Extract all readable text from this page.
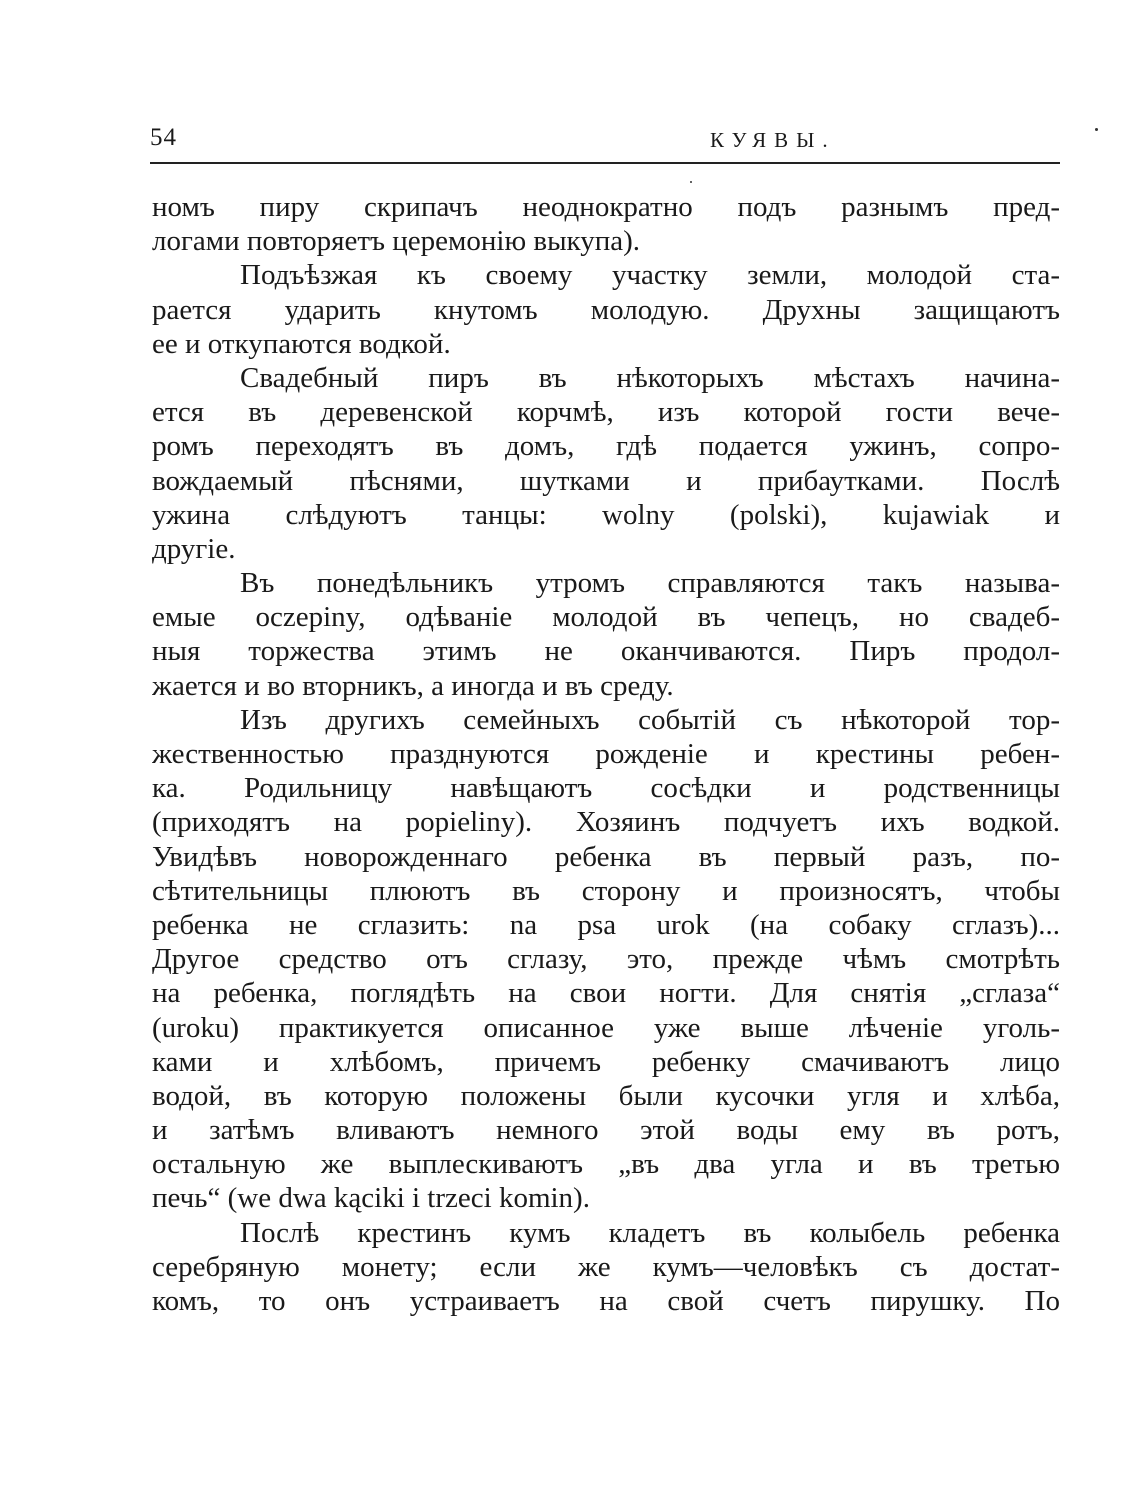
54	КУЯВЫ.
номъ пиру скрипачъ неоднократно подъ разнымъ пред-
логами повторяетъ церемонію выкупа).
Подъѣзжая къ своему участку земли, молодой ста-
рается ударить кнутомъ молодую. Друхны защищаютъ
ее и откупаются водкой.
Свадебный пиръ въ нѣкоторыхъ мѣстахъ начина-
ется въ деревенской корчмѣ, изъ которой гости вече-
ромъ переходятъ въ домъ, гдѣ подается ужинъ, сопро-
вождаемый пѣснями, шутками и прибаутками. Послѣ
ужина слѣдуютъ танцы: wolny (polski), kujawiak и
другіе.
Въ понедѣльникъ утромъ справляются такъ называ-
емые oczepiny, одѣваніе молодой въ чепецъ, но свадеб-
ныя торжества этимъ не оканчиваются. Пиръ продол-
жается и во вторникъ, а иногда и въ среду.
Изъ другихъ семейныхъ событій съ нѣкоторой тор-
жественностью празднуются рожденіе и крестины ребен-
ка. Родильницу навѣщаютъ сосѣдки и родственницы
(приходятъ на popieliny). Хозяинъ подчуетъ ихъ водкой.
Увидѣвъ новорожденнаго ребенка въ первый разъ, по-
сѣтительницы плюютъ въ сторону и произносятъ, чтобы
ребенка не сглазить: na psa urok (на собаку сглазъ)...
Другое средство отъ сглазу, это, прежде чѣмъ смотрѣть
на ребенка, поглядѣть на свои ногти. Для снятія „сглаза“
(uroku) практикуется описанное уже выше лѣченіе уголь-
ками и хлѣбомъ, причемъ ребенку смачиваютъ лицо
водой, въ которую положены были кусочки угля и хлѣба,
и затѣмъ вливаютъ немного этой воды ему въ ротъ,
остальную же выплескиваютъ „въ два угла и въ третью
печь“ (we dwa kąciki i trzeci komin).
Послѣ крестинъ кумъ кладетъ въ колыбель ребенка
серебряную монету; если же кумъ—человѣкъ съ достат-
комъ, то онъ устраиваетъ на свой счетъ пирушку. По
